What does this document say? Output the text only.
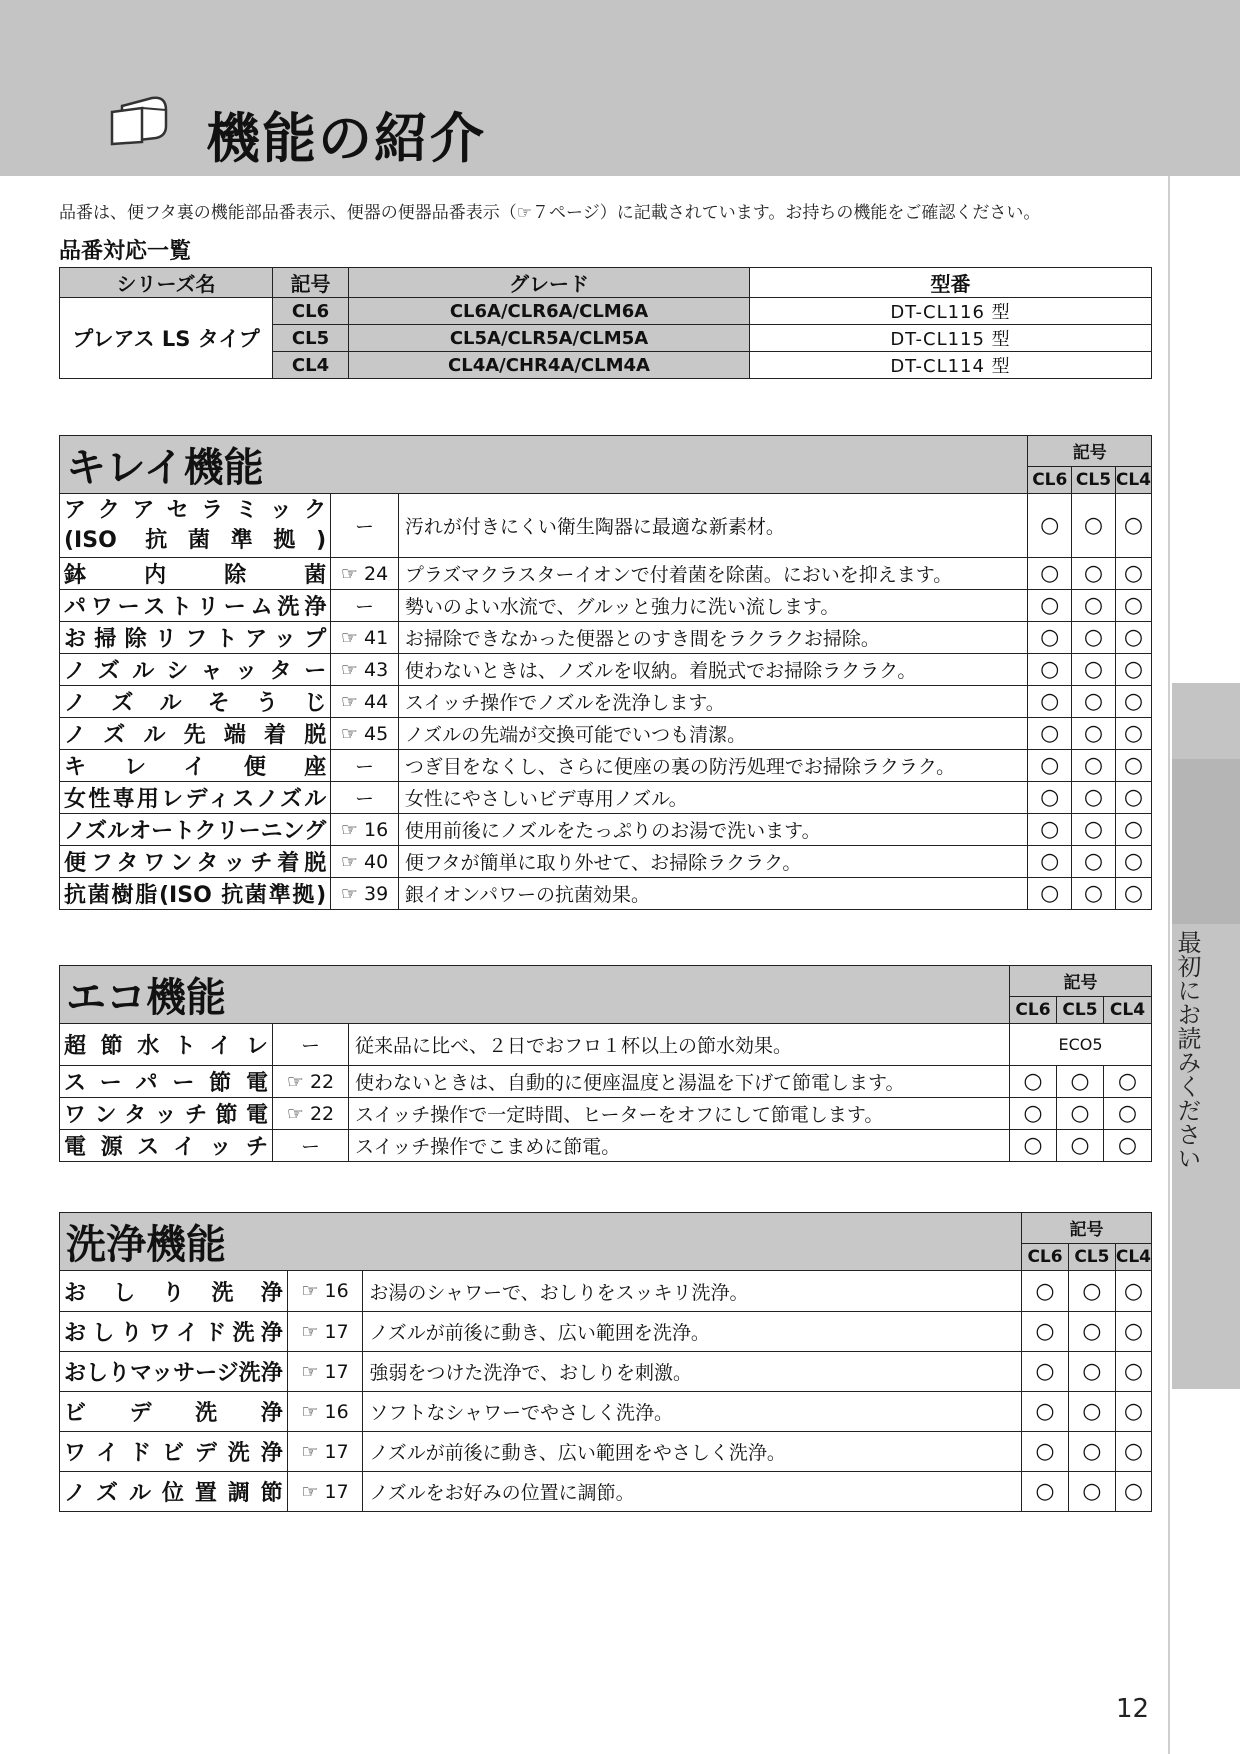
機能の紹介
最初にお読みください
品番は、便フタ裏の機能部品番表示、便器の便器品番表示（☞７ページ）に記載されています。お持ちの機能をご確認ください。
品番対応一覧
シリーズ名	記号	グレード	型番
プレアス LS タイプ	CL6	CL6A/CLR6A/CLM6A	DT-CL116 型
	CL5	CL5A/CLR5A/CLM5A	DT-CL115 型
	CL4	CL4A/CHR4A/CLM4A	DT-CL114 型
キレイ機能			記号		
			CL6	CL5	CL4
アクアセラミック
(ISO 抗菌準拠)	ー	汚れが付きにくい衛生陶器に最適な新素材。	○	○	○
鉢内除菌	☞ 24	プラズマクラスターイオンで付着菌を除菌。においを抑えます。	○	○	○
パワーストリーム洗浄	ー	勢いのよい水流で、グルッと強力に洗い流します。	○	○	○
お掃除リフトアップ	☞ 41	お掃除できなかった便器とのすき間をラクラクお掃除。	○	○	○
ノズルシャッター	☞ 43	使わないときは、ノズルを収納。着脱式でお掃除ラクラク。	○	○	○
ノズルそうじ	☞ 44	スイッチ操作でノズルを洗浄します。	○	○	○
ノズル先端着脱	☞ 45	ノズルの先端が交換可能でいつも清潔。	○	○	○
キレイ便座	ー	つぎ目をなくし、さらに便座の裏の防汚処理でお掃除ラクラク。	○	○	○
女性専用レディスノズル	ー	女性にやさしいビデ専用ノズル。	○	○	○
ノズルオートクリーニング	☞ 16	使用前後にノズルをたっぷりのお湯で洗います。	○	○	○
便フタワンタッチ着脱	☞ 40	便フタが簡単に取り外せて、お掃除ラクラク。	○	○	○
抗菌樹脂(ISO 抗菌準拠)	☞ 39	銀イオンパワーの抗菌効果。	○	○	○
エコ機能			記号		
			CL6	CL5	CL4
超節水トイレ	ー	従来品に比べ、２日でおフロ１杯以上の節水効果。	ECO5		
スーパー節電	☞ 22	使わないときは、自動的に便座温度と湯温を下げて節電します。	○	○	○
ワンタッチ節電	☞ 22	スイッチ操作で一定時間、ヒーターをオフにして節電します。	○	○	○
電源スイッチ	ー	スイッチ操作でこまめに節電。	○	○	○
洗浄機能			記号		
			CL6	CL5	CL4
おしり洗浄	☞ 16	お湯のシャワーで、おしりをスッキリ洗浄。	○	○	○
おしりワイド洗浄	☞ 17	ノズルが前後に動き、広い範囲を洗浄。	○	○	○
おしりマッサージ洗浄	☞ 17	強弱をつけた洗浄で、おしりを刺激。	○	○	○
ビデ洗浄	☞ 16	ソフトなシャワーでやさしく洗浄。	○	○	○
ワイドビデ洗浄	☞ 17	ノズルが前後に動き、広い範囲をやさしく洗浄。	○	○	○
ノズル位置調節	☞ 17	ノズルをお好みの位置に調節。	○	○	○
12
